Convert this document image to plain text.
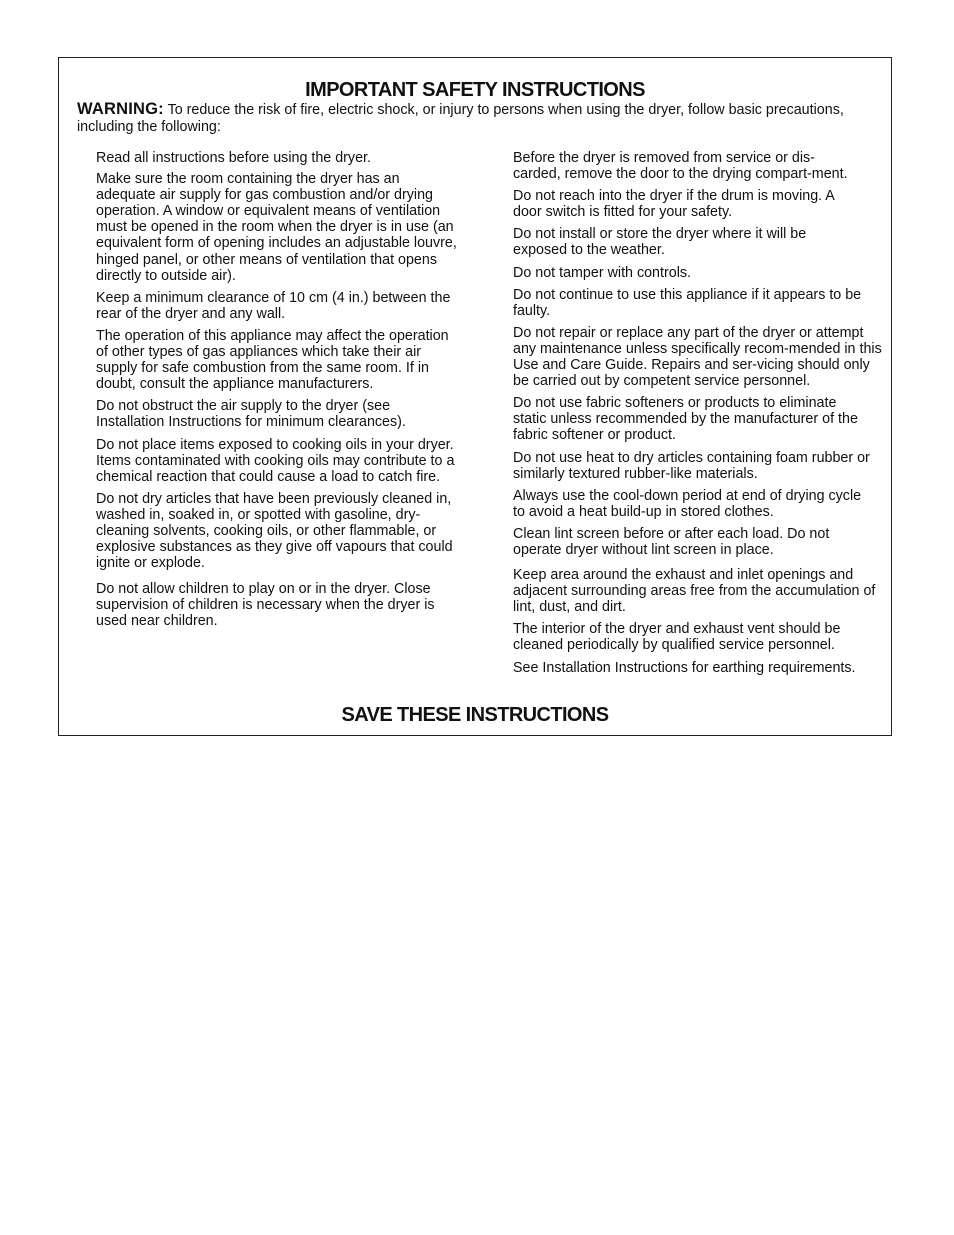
IMPORTANT SAFETY INSTRUCTIONS

WARNING: To reduce the risk of fire, electric shock, or injury to persons when using the dryer, follow basic precautions, including the following:

Read all instructions before using the dryer.

Make sure the room containing the dryer has an adequate air supply for gas combustion and/or drying operation. A window or equivalent means of ventilation must be opened in the room when the dryer is in use (an equivalent form of opening includes an adjustable louvre, hinged panel, or other means of ventilation that opens directly to outside air).

Keep a minimum clearance of 10 cm (4 in.) between the rear of the dryer and any wall.

The operation of this appliance may affect the operation of other types of gas appliances which take their air supply for safe combustion from the same room. If in doubt, consult the appliance manufacturers.

Do not obstruct the air supply to the dryer (see Installation Instructions for minimum clearances).

Do not place items exposed to cooking oils in your dryer. Items contaminated with cooking oils may contribute to a chemical reaction that could cause a load to catch fire.

Do not dry articles that have been previously cleaned in, washed in, soaked in, or spotted with gasoline, dry-cleaning solvents, cooking oils, or other flammable, or explosive substances as they give off vapours that could ignite or explode.

Do not allow children to play on or in the dryer. Close supervision of children is necessary when the dryer is used near children.

Before the dryer is removed from service or dis-carded, remove the door to the drying compart-ment.

Do not reach into the dryer if the drum is moving. A door switch is fitted for your safety.

Do not install or store the dryer where it will be exposed to the weather.

Do not tamper with controls.

Do not continue to use this appliance if it appears to be faulty.

Do not repair or replace any part of the dryer or attempt any maintenance unless specifically recom-mended in this Use and Care Guide. Repairs and ser-vicing should only be carried out by competent service personnel.

Do not use fabric softeners or products to eliminate static unless recommended by the manufacturer of the fabric softener or product.

Do not use heat to dry articles containing foam rubber or similarly textured rubber-like materials.

Always use the cool-down period at end of drying cycle to avoid a heat build-up in stored clothes.

Clean lint screen before or after each load. Do not operate dryer without lint screen in place.

Keep area around the exhaust and inlet openings and adjacent surrounding areas free from the accumulation of lint, dust, and dirt.

The interior of the dryer and exhaust vent should be cleaned periodically by qualified service personnel.

See Installation Instructions for earthing requirements.

SAVE THESE INSTRUCTIONS
